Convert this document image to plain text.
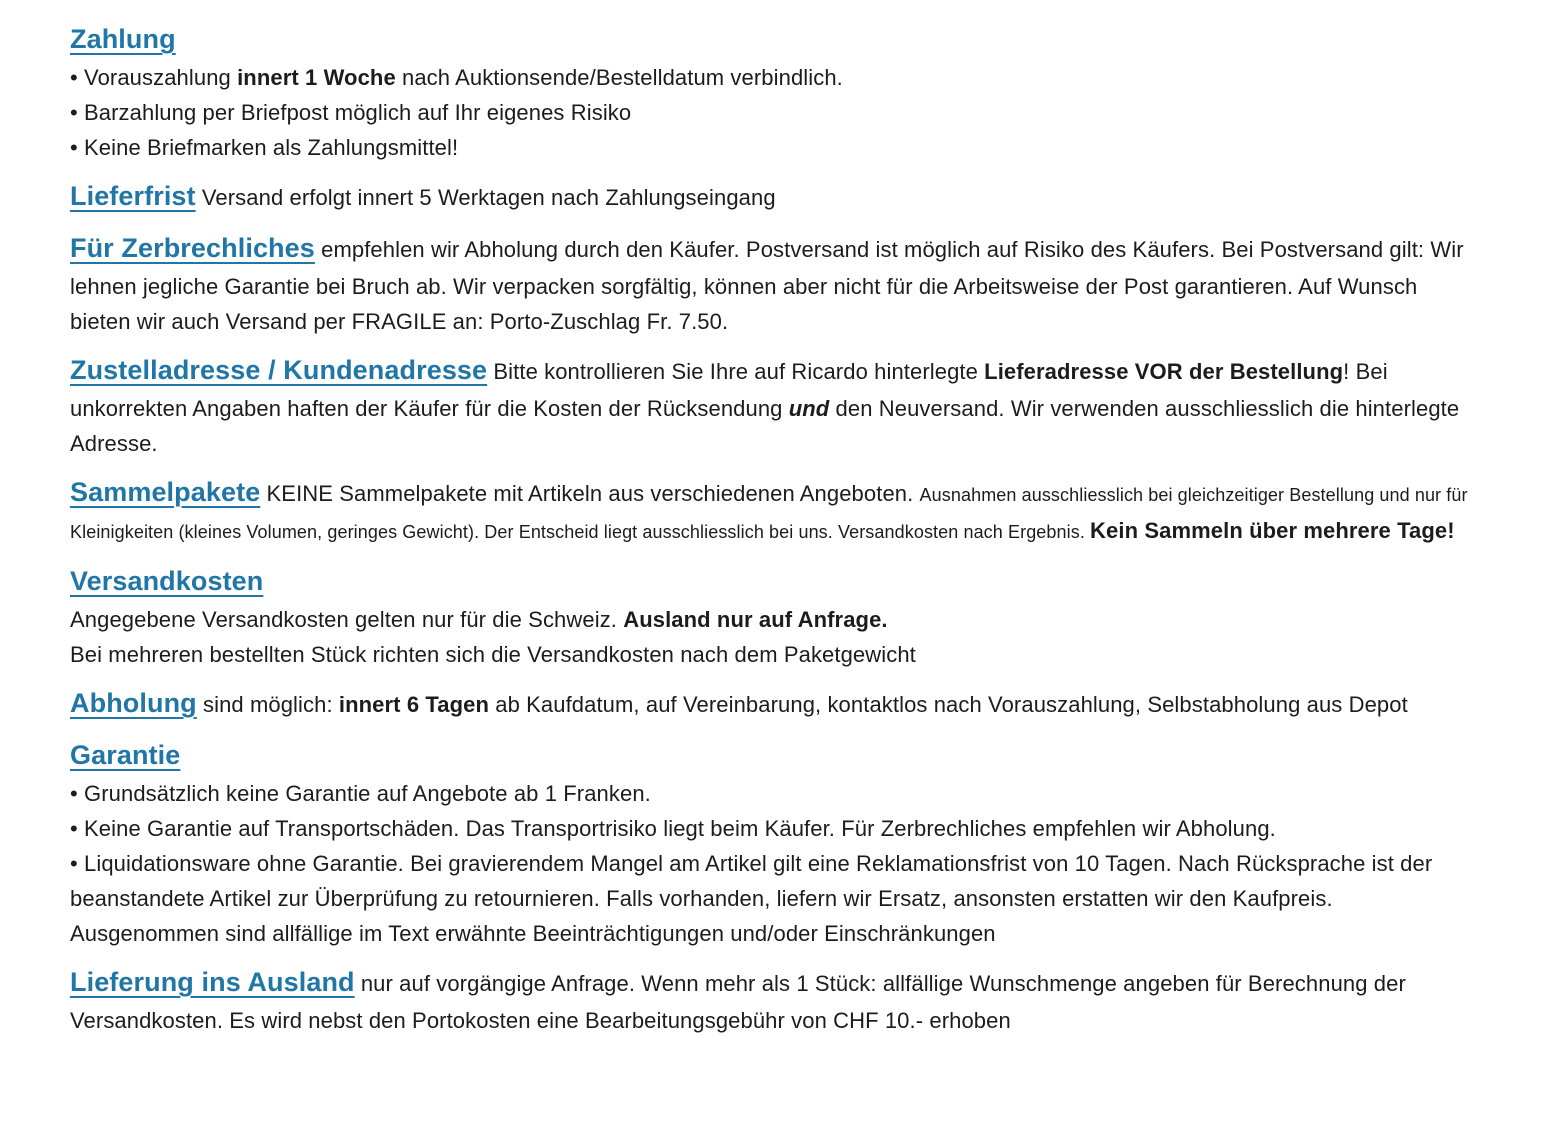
Zahlung

• Vorauszahlung innert 1 Woche nach Auktionsende/Bestelldatum verbindlich.

• Barzahlung per Briefpost möglich auf Ihr eigenes Risiko

• Keine Briefmarken als Zahlungsmittel!

Lieferfrist Versand erfolgt innert 5 Werktagen nach Zahlungseingang

Für Zerbrechliches empfehlen wir Abholung durch den Käufer. Postversand ist möglich auf Risiko des Käufers. Bei Postversand gilt: Wir lehnen jegliche Garantie bei Bruch ab. Wir verpacken sorgfältig, können aber nicht für die Arbeitsweise der Post garantieren. Auf Wunsch bieten wir auch Versand per FRAGILE an: Porto-Zuschlag Fr. 7.50.

Zustelladresse / Kundenadresse Bitte kontrollieren Sie Ihre auf Ricardo hinterlegte Lieferadresse VOR der Bestellung! Bei unkorrekten Angaben haften der Käufer für die Kosten der Rücksendung und den Neuversand. Wir verwenden ausschliesslich die hinterlegte Adresse.

Sammelpakete KEINE Sammelpakete mit Artikeln aus verschiedenen Angeboten. Ausnahmen ausschliesslich bei gleichzeitiger Bestellung und nur für Kleinigkeiten (kleines Volumen, geringes Gewicht). Der Entscheid liegt ausschliesslich bei uns. Versandkosten nach Ergebnis. Kein Sammeln über mehrere Tage!

Versandkosten

Angegebene Versandkosten gelten nur für die Schweiz. Ausland nur auf Anfrage.

Bei mehreren bestellten Stück richten sich die Versandkosten nach dem Paketgewicht

Abholung sind möglich: innert 6 Tagen ab Kaufdatum, auf Vereinbarung, kontaktlos nach Vorauszahlung, Selbstabholung aus Depot

Garantie

• Grundsätzlich keine Garantie auf Angebote ab 1 Franken.

• Keine Garantie auf Transportschäden. Das Transportrisiko liegt beim Käufer. Für Zerbrechliches empfehlen wir Abholung.

• Liquidationsware ohne Garantie. Bei gravierendem Mangel am Artikel gilt eine Reklamationsfrist von 10 Tagen. Nach Rücksprache ist der beanstandete Artikel zur Überprüfung zu retournieren. Falls vorhanden, liefern wir Ersatz, ansonsten erstatten wir den Kaufpreis. Ausgenommen sind allfällige im Text erwähnte Beeinträchtigungen und/oder Einschränkungen

Lieferung ins Ausland nur auf vorgängige Anfrage. Wenn mehr als 1 Stück: allfällige Wunschmenge angeben für Berechnung der Versandkosten. Es wird nebst den Portokosten eine Bearbeitungsgebühr von CHF 10.- erhoben
